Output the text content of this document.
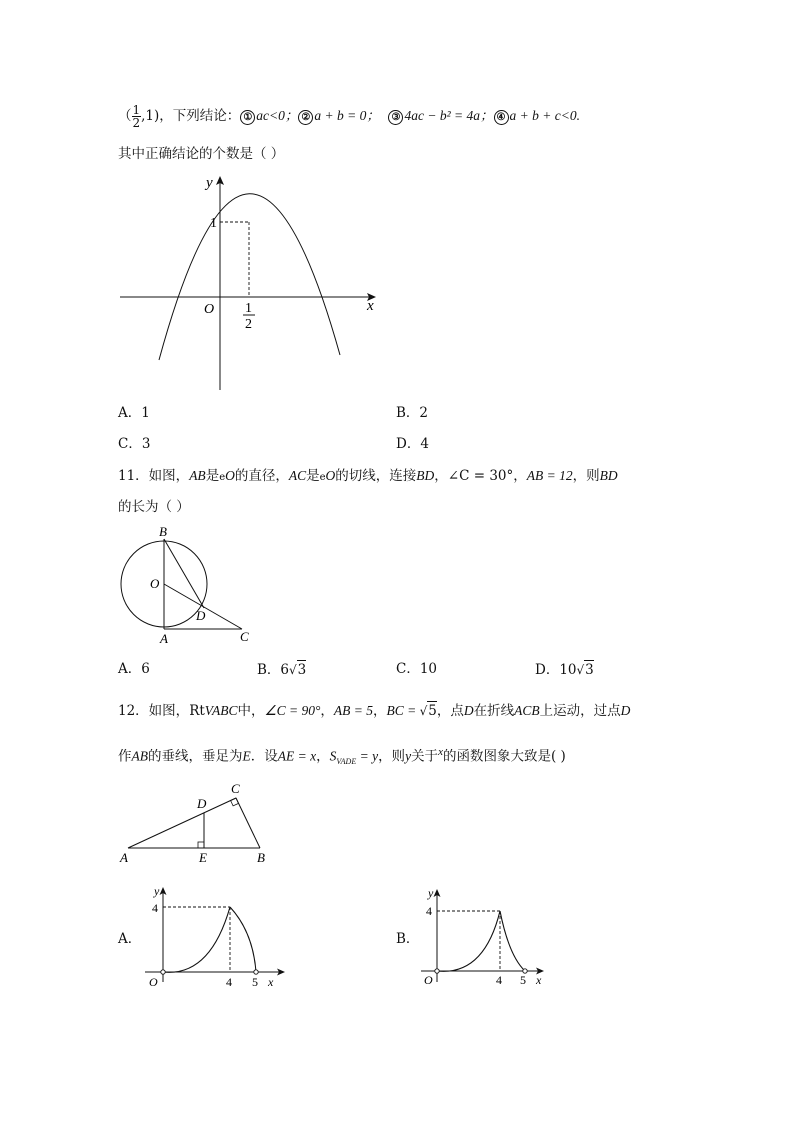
（ $\frac{1}{2} ,1$)，下列结论： ① ac<0； ② a + b = 0； ③ 4ac − b² = 4a； ④ a + b + c<0.
其中正确结论的个数是（ ）
y
x
O
1
1
2
A．1	B．2
C．3	D．4
11．如图，AB是eO的直径，AC是eO的切线，连接BD，∠C = 30°，AB = 12，则BD
的长为（ ）
B
O
D
A	C
A．6	B．6√3	C．10	D．10√3
12．如图，RtVABC中，∠C = 90°，AB = 5，BC = √5，点D在折线ACB上运动，过点D
作AB的垂线，垂足为E．设AE = x，$S_{VADE} = y$，则y关于$^x$的函数图象大致是( )
A	E	B
D
C
A．
y
4
O	4 5 x
B．
y
4
O	4 5 x
